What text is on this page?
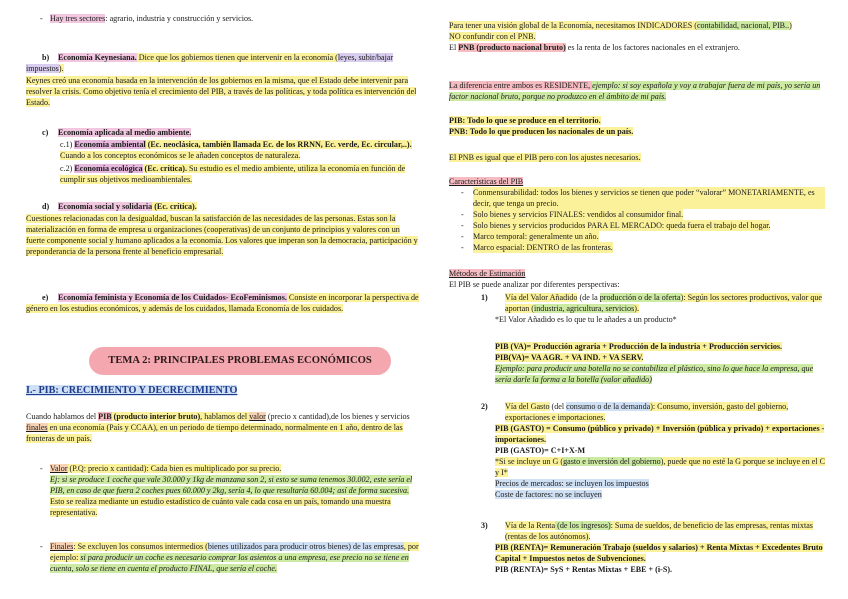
- Hay tres sectores: agrario, industria y construcción y servicios.

b) Economía Keynesiana. Dice que los gobiernos tienen que intervenir en la economía (leyes, subir/bajar impuestos).

Keynes creó una economía basada en la intervención de los gobiernos en la misma, que el Estado debe intervenir para resolver la crisis. Como objetivo tenía el crecimiento del PIB, a través de las políticas, y toda política es intervención del Estado.

c) Economía aplicada al medio ambiente.

c.1) Economía ambiental (Ec. neoclásica, también llamada Ec. de los RRNN, Ec. verde, Ec. circular,..). Cuando a los conceptos económicos se le añaden conceptos de naturaleza.

c.2) Economía ecológica (Ec. crítica). Su estudio es el medio ambiente, utiliza la economía en función de cumplir sus objetivos medioambientales.

d) Economía social y solidaria (Ec. crítica).

Cuestiones relacionadas con la desigualdad, buscan la satisfacción de las necesidades de las personas. Estas son la materialización en forma de empresa u organizaciones (cooperativas) de un conjunto de principios y valores con un fuerte componente social y humano aplicados a la economía. Los valores que imperan son la democracia, participación y preponderancia de la persona frente al beneficio empresarial.

e) Economía feminista y Economía de los Cuidados- EcoFeminismos. Consiste en incorporar la perspectiva de género en los estudios económicos, y además de los cuidados, llamada Economía de los cuidados.

TEMA 2: PRINCIPALES PROBLEMAS ECONÓMICOS

I.- PIB: CRECIMIENTO Y DECRECIMIENTO

Cuando hablamos del PIB (producto interior bruto), hablamos del valor (precio x cantidad),de los bienes y servicios finales en una economía (País y CCAA), en un periodo de tiempo determinado, normalmente en 1 año, dentro de las fronteras de un país.

- Valor (P.Q: precio x cantidad): Cada bien es multiplicado por su precio.
Ej: si se produce 1 coche que vale 30.000 y 1kg de manzana son 2, si esto se suma tenemos 30.002, este sería el PIB, en caso de que fuera 2 coches pues 60.000 y 2kg, sería 4, lo que resultaría 60.004; así de forma sucesiva.
Esto se realiza mediante un estudio estadístico de cuánto vale cada cosa en un país, tomando una muestra representativa.
- Finales: Se excluyen los consumos intermedios (bienes utilizados para producir otros bienes) de las empresas, por ejemplo: si para producir un coche es necesario comprar los asientos a una empresa, ese precio no se tiene en cuenta, solo se tiene en cuenta el producto FINAL, que sería el coche.

Para tener una visión global de la Economía, necesitamos INDICADORES (contabilidad, nacional, PIB..)
NO confundir con el PNB.
El PNB (producto nacional bruto) es la renta de los factores nacionales en el extranjero.

La diferencia entre ambos es RESIDENTE, ejemplo: si soy española y voy a trabajar fuera de mi país, yo sería un factor nacional bruto, porque no produzco en el ámbito de mi país.

PIB: Todo lo que se produce en el territorio.
PNB: Todo lo que producen los nacionales de un país.

El PNB es igual que el PIB pero con los ajustes necesarios.

Características del PIB

-	Conmensurabilidad: todos los bienes y servicios se tienen que poder “valorar” MONETARIAMENTE, es decir, que tenga un precio.
-	Solo bienes y servicios FINALES: vendidos al consumidor final.
-	Solo bienes y servicios producidos PARA EL MERCADO: queda fuera el trabajo del hogar.
-	Marco temporal: generalmente un año.
-	Marco espacial: DENTRO de las fronteras.

Métodos de Estimación
El PIB se puede analizar por diferentes perspectivas:

1) Vía del Valor Añadido (de la producción o de la oferta): Según los sectores productivos, valor que aportan (industria, agricultura, servicios).

*El Valor Añadido es lo que tu le añades a un producto*

PIB (VA)= Producción agraria + Producción de la industria + Producción servicios.

PIB(VA)= VA AGR. + VA IND. + VA SERV.

Ejemplo: para producir una botella no se contabiliza el plástico, sino lo que hace la empresa, que sería darle la forma a la botella (valor añadido)

2) Vía del Gasto (del consumo o de la demanda): Consumo, inversión, gasto del gobierno, exportaciones e importaciones.

PIB (GASTO) = Consumo (público y privado) + Inversión (pública y privado) + exportaciones - importaciones.

PIB (GASTO)= C+I+X-M

*Si se incluye un G (gasto e inversión del gobierno), puede que no esté la G porque se incluye en el C y I*

Precios de mercados: se incluyen los impuestos

Coste de factores: no se incluyen

3) Vía de la Renta (de los ingresos): Suma de sueldos, de beneficio de las empresas, rentas mixtas (rentas de los autónomos).

PIB (RENTA)= Remuneración Trabajo (sueldos y salarios) + Renta Mixtas + Excedentes Bruto Capital + Impuestos netos de Subvenciones.

PIB (RENTA)= SyS + Rentas Mixtas + EBE + (i-S).
